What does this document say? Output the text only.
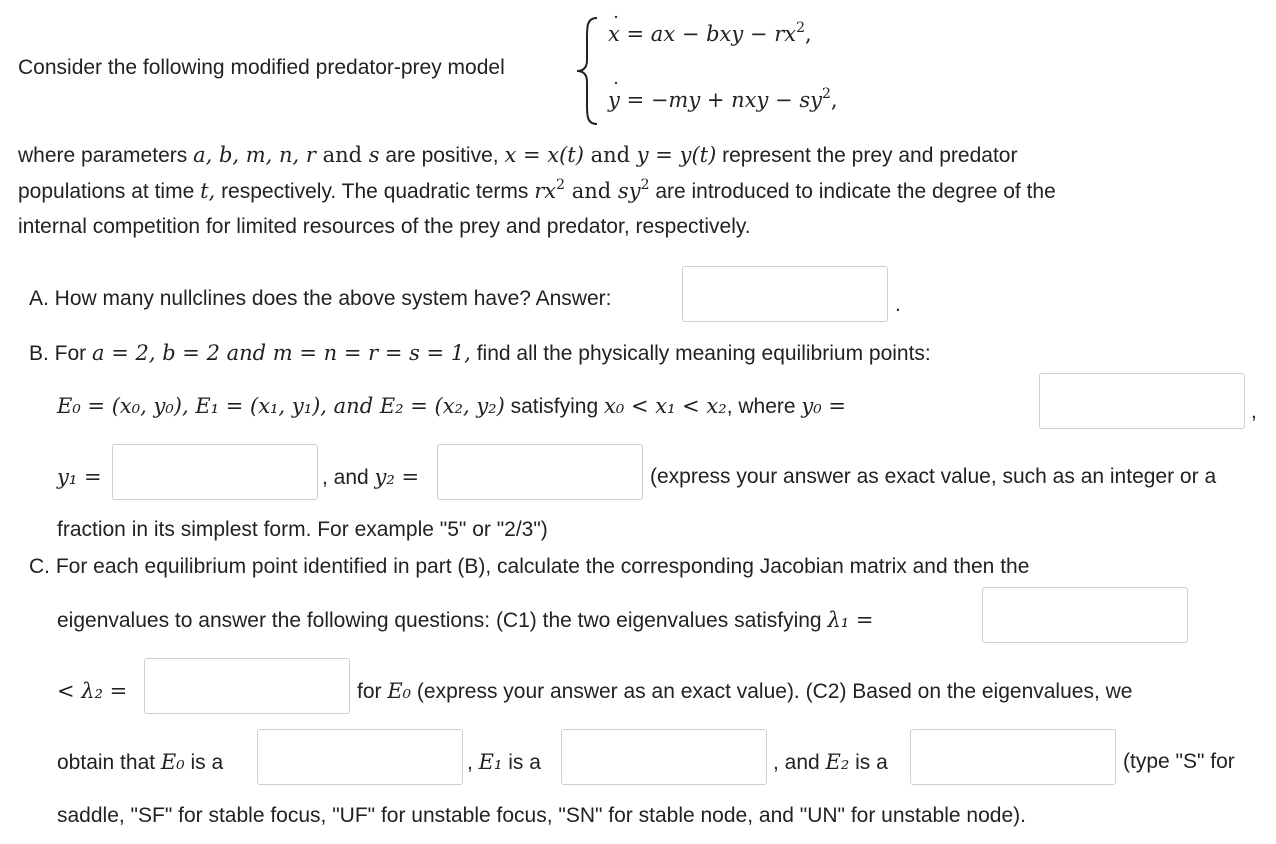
Consider the following modified predator-prey model
x ˙ = ax − bxy − $rx^2$,
y ˙ = −my + nxy − $sy^2$,
where parameters a, b, m, n, r and s are positive, x = x(t) and y = y(t) represent the prey and predator
populations at time t, respectively. The quadratic terms $rx^2$ and $sy^2$ are introduced to indicate the degree of the
internal competition for limited resources of the prey and predator, respectively.
A. How many nullclines does the above system have? Answer:	.
B. For a = 2, b = 2 and m = n = r = s = 1, find all the physically meaning equilibrium points:
E₀ = (x₀, y₀), E₁ = (x₁, y₁), and E₂ = (x₂, y₂) satisfying x₀ < x₁ < x₂, where y₀ =	,
y₁ =	, and y₂ =	(express your answer as exact value, such as an integer or a
fraction in its simplest form. For example "5" or "2/3")
C. For each equilibrium point identified in part (B), calculate the corresponding Jacobian matrix and then the
eigenvalues to answer the following questions: (C1) the two eigenvalues satisfying λ₁ =
< λ₂ =	for E₀ (express your answer as an exact value). (C2) Based on the eigenvalues, we
obtain that E₀ is a	, E₁ is a	, and E₂ is a	(type "S" for
saddle, "SF" for stable focus, "UF" for unstable focus, "SN" for stable node, and "UN" for unstable node).
